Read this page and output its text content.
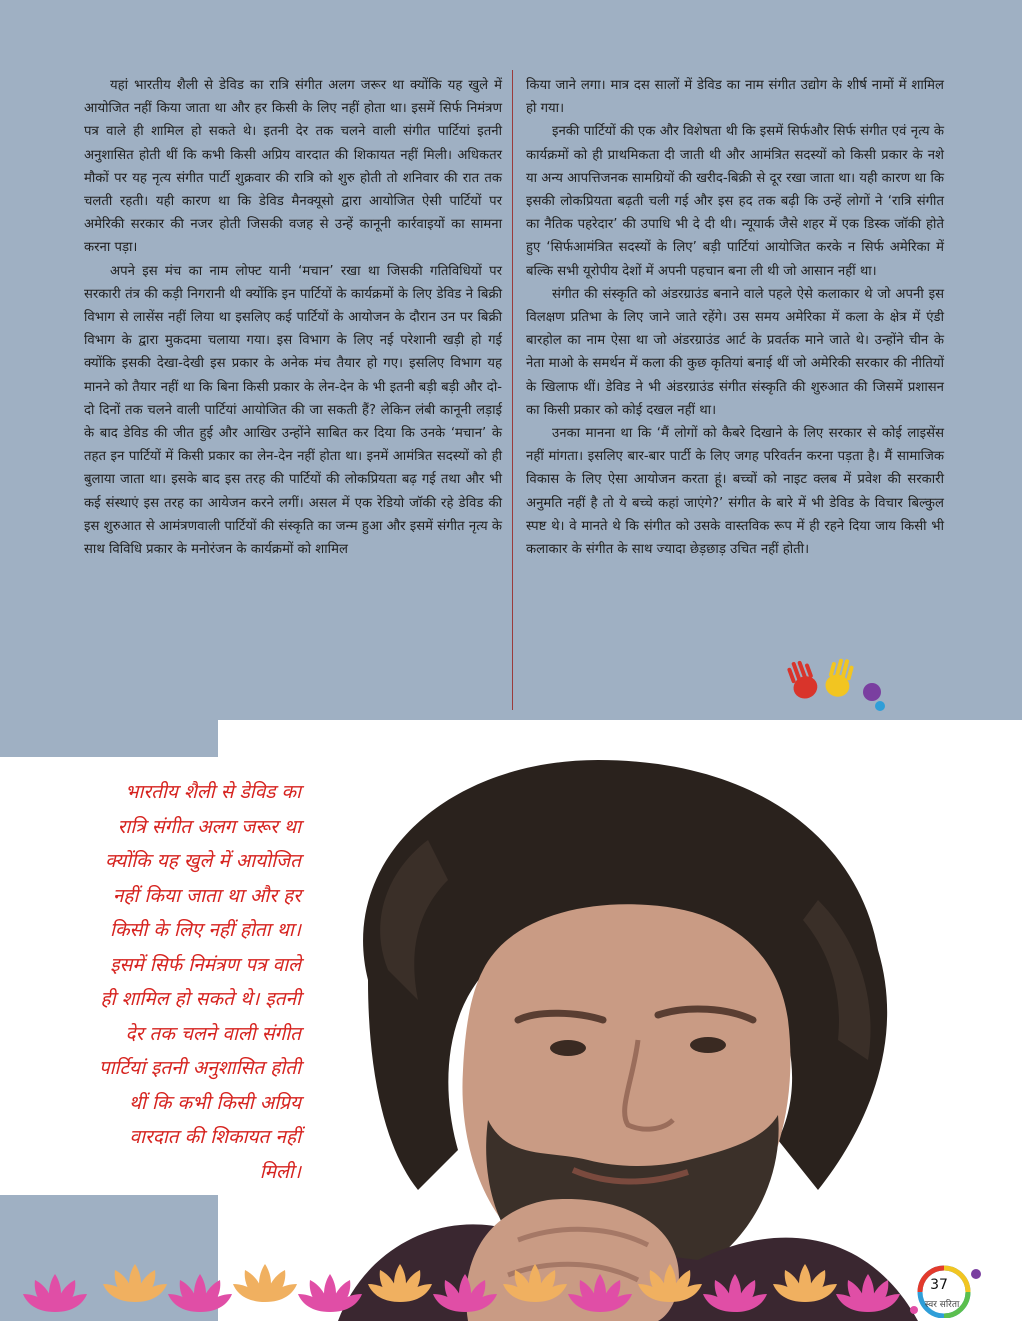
यहां भारतीय शैली से डेविड का रात्रि संगीत अलग जरूर था क्योंकि यह खुले में आयोजित नहीं किया जाता था और हर किसी के लिए नहीं होता था। इसमें सिर्फ निमंत्रण पत्र वाले ही शामिल हो सकते थे। इतनी देर तक चलने वाली संगीत पार्टियां इतनी अनुशासित होती थीं कि कभी किसी अप्रिय वारदात की शिकायत नहीं मिली। अधिकतर मौकों पर यह नृत्य संगीत पार्टी शुक्रवार की रात्रि को शुरु होती तो शनिवार की रात तक चलती रहती। यही कारण था कि डेविड मैनक्यूसो द्वारा आयोजित ऐसी पार्टियों पर अमेरिकी सरकार की नजर होती जिसकी वजह से उन्हें कानूनी कार्रवाइयों का सामना करना पड़ा।

अपने इस मंच का नाम लोफ्ट यानी ‘मचान’ रखा था जिसकी गतिविधियों पर सरकारी तंत्र की कड़ी निगरानी थी क्योंकि इन पार्टियों के कार्यक्रमों के लिए डेविड ने बिक्री विभाग से लासेंस नहीं लिया था इसलिए कई पार्टियों के आयोजन के दौरान उन पर बिक्री विभाग के द्वारा मुकदमा चलाया गया। इस विभाग के लिए नई परेशानी खड़ी हो गई क्योंकि इसकी देखा-देखी इस प्रकार के अनेक मंच तैयार हो गए। इसलिए विभाग यह मानने को तैयार नहीं था कि बिना किसी प्रकार के लेन-देन के भी इतनी बड़ी बड़ी और दो-दो दिनों तक चलने वाली पार्टियां आयोजित की जा सकती हैं? लेकिन लंबी कानूनी लड़ाई के बाद डेविड की जीत हुई और आखिर उन्होंने साबित कर दिया कि उनके ‘मचान’ के तहत इन पार्टियों में किसी प्रकार का लेन-देन नहीं होता था। इनमें आमंत्रित सदस्यों को ही बुलाया जाता था। इसके बाद इस तरह की पार्टियों की लोकप्रियता बढ़ गई तथा और भी कई संस्थाएं इस तरह का आयेजन करने लगीं। असल में एक रेडियो जॉकी रहे डेविड की इस शुरुआत से आमंत्रणवाली पार्टियों की संस्कृति का जन्म हुआ और इसमें संगीत नृत्य के साथ विविधि प्रकार के मनोरंजन के कार्यक्रमों को शामिल

किया जाने लगा। मात्र दस सालों में डेविड का नाम संगीत उद्योग के शीर्ष नामों में शामिल हो गया।

इनकी पार्टियों की एक और विशेषता थी कि इसमें सिर्फऔर सिर्फ संगीत एवं नृत्य के कार्यक्रमों को ही प्राथमिकता दी जाती थी और आमंत्रित सदस्यों को किसी प्रकार के नशे या अन्य आपत्तिजनक सामग्रियों की खरीद-बिक्री से दूर रखा जाता था। यही कारण था कि इसकी लोकप्रियता बढ़ती चली गई और इस हद तक बढ़ी कि उन्हें लोगों ने ‘रात्रि संगीत का नैतिक पहरेदार’ की उपाधि भी दे दी थी। न्यूयार्क जैसे शहर में एक डिस्क जॉकी होते हुए ‘सिर्फआमंत्रित सदस्यों के लिए’ बड़ी पार्टियां आयोजित करके न सिर्फ अमेरिका में बल्कि सभी यूरोपीय देशों में अपनी पहचान बना ली थी जो आसान नहीं था।

संगीत की संस्कृति को अंडरग्राउंड बनाने वाले पहले ऐसे कलाकार थे जो अपनी इस विलक्षण प्रतिभा के लिए जाने जाते रहेंगे। उस समय अमेरिका में कला के क्षेत्र में एंडी बारहोल का नाम ऐसा था जो अंडरग्राउंड आर्ट के प्रवर्तक माने जाते थे। उन्होंने चीन के नेता माओ के समर्थन में कला की कुछ कृतियां बनाई थीं जो अमेरिकी सरकार की नीतियों के खिलाफ थीं। डेविड ने भी अंडरग्राउंड संगीत संस्कृति की शुरुआत की जिसमें प्रशासन का किसी प्रकार को कोई दखल नहीं था।

उनका मानना था कि ‘मैं लोगों को कैबरे दिखाने के लिए सरकार से कोई लाइसेंस नहीं मांगता। इसलिए बार-बार पार्टी के लिए जगह परिवर्तन करना पड़ता है। मैं सामाजिक विकास के लिए ऐसा आयोजन करता हूं। बच्चों को नाइट क्लब में प्रवेश की सरकारी अनुमति नहीं है तो ये बच्चे कहां जाएंगे?’ संगीत के बारे में भी डेविड के विचार बिल्कुल स्पष्ट थे। वे मानते थे कि संगीत को उसके वास्तविक रूप में ही रहने दिया जाय किसी भी कलाकार के संगीत के साथ ज्यादा छेड़छाड़ उचित नहीं होती।

भारतीय शैली से डेविड का
रात्रि संगीत अलग जरूर था
क्योंकि यह खुले में आयोजित
नहीं किया जाता था और हर
किसी के लिए नहीं होता था।
इसमें सिर्फ निमंत्रण पत्र वाले
ही शामिल हो सकते थे। इतनी
देर तक चलने वाली संगीत
पार्टियां इतनी अनुशासित होती
थीं कि कभी किसी अप्रिय
वारदात की शिकायत नहीं
मिली।
37
स्वर सरिता
